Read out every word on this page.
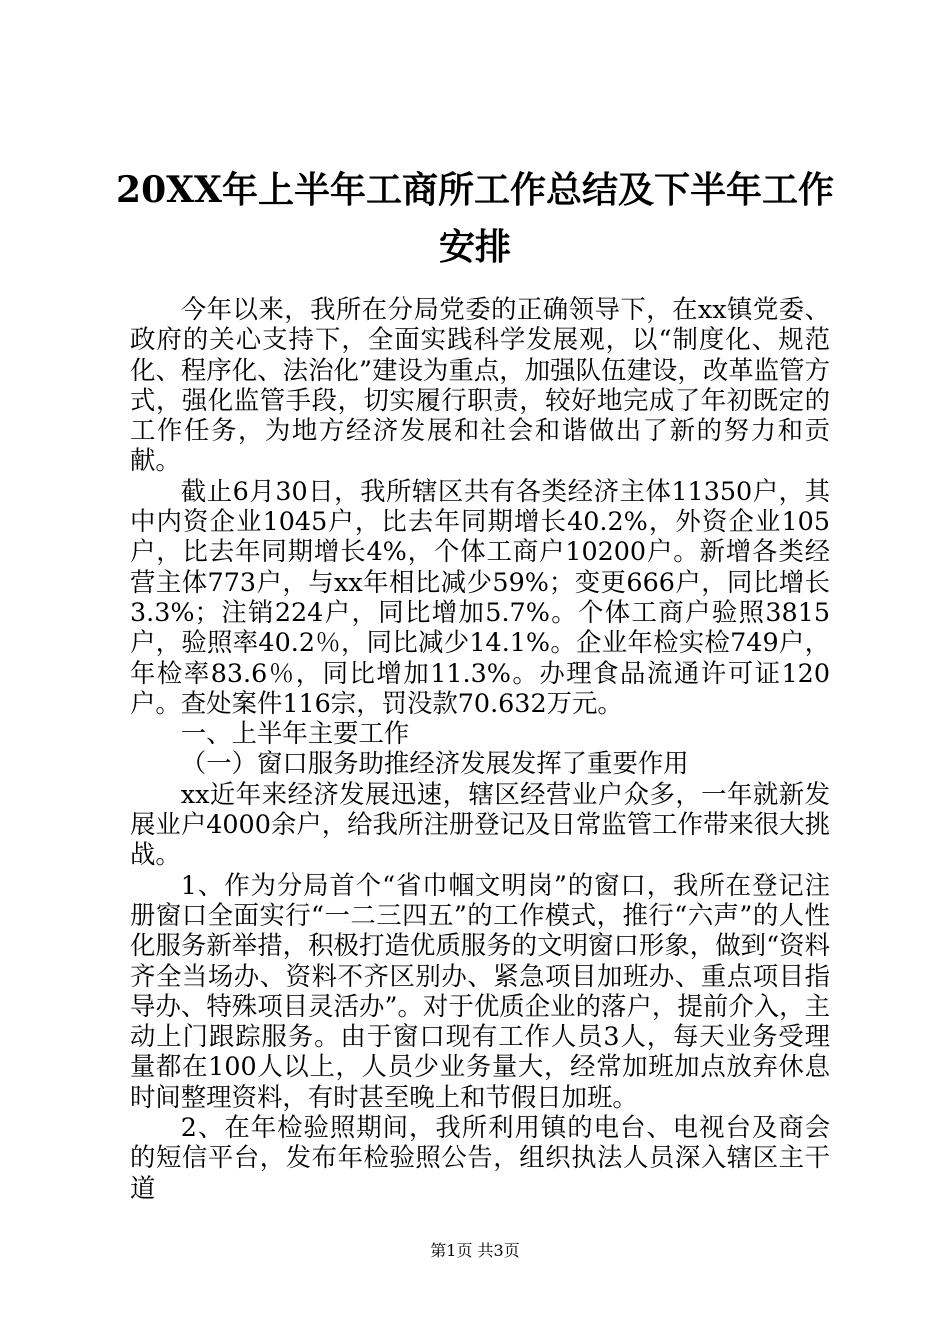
20XX年上半年工商所工作总结及下半年工作安排

今年以来，我所在分局党委的正确领导下，在xx镇党委、政府的关心支持下，全面实践科学发展观，以“制度化、规范化、程序化、法治化”建设为重点，加强队伍建设，改革监管方式，强化监管手段，切实履行职责，较好地完成了年初既定的工作任务，为地方经济发展和社会和谐做出了新的努力和贡献。

截止6月30日，我所辖区共有各类经济主体11350户，其中内资企业1045户，比去年同期增长40.2%，外资企业105户，比去年同期增长4%，个体工商户10200户。新增各类经营主体773户，与xx年相比减少59%；变更666户，同比增长3.3%；注销224户，同比增加5.7%。个体工商户验照3815户，验照率40.2％，同比减少14.1%。企业年检实检749户，年检率83.6％，同比增加11.3%。办理食品流通许可证120户。查处案件116宗，罚没款70.632万元。

一、上半年主要工作

（一）窗口服务助推经济发展发挥了重要作用

xx近年来经济发展迅速，辖区经营业户众多，一年就新发展业户4000余户，给我所注册登记及日常监管工作带来很大挑战。

1、作为分局首个“省巾帼文明岗”的窗口，我所在登记注册窗口全面实行“一二三四五”的工作模式，推行“六声”的人性化服务新举措，积极打造优质服务的文明窗口形象，做到“资料齐全当场办、资料不齐区别办、紧急项目加班办、重点项目指导办、特殊项目灵活办”。对于优质企业的落户，提前介入，主动上门跟踪服务。由于窗口现有工作人员3人，每天业务受理量都在100人以上，人员少业务量大，经常加班加点放弃休息时间整理资料，有时甚至晚上和节假日加班。

2、在年检验照期间，我所利用镇的电台、电视台及商会的短信平台，发布年检验照公告，组织执法人员深入辖区主干道

第1页 共3页
